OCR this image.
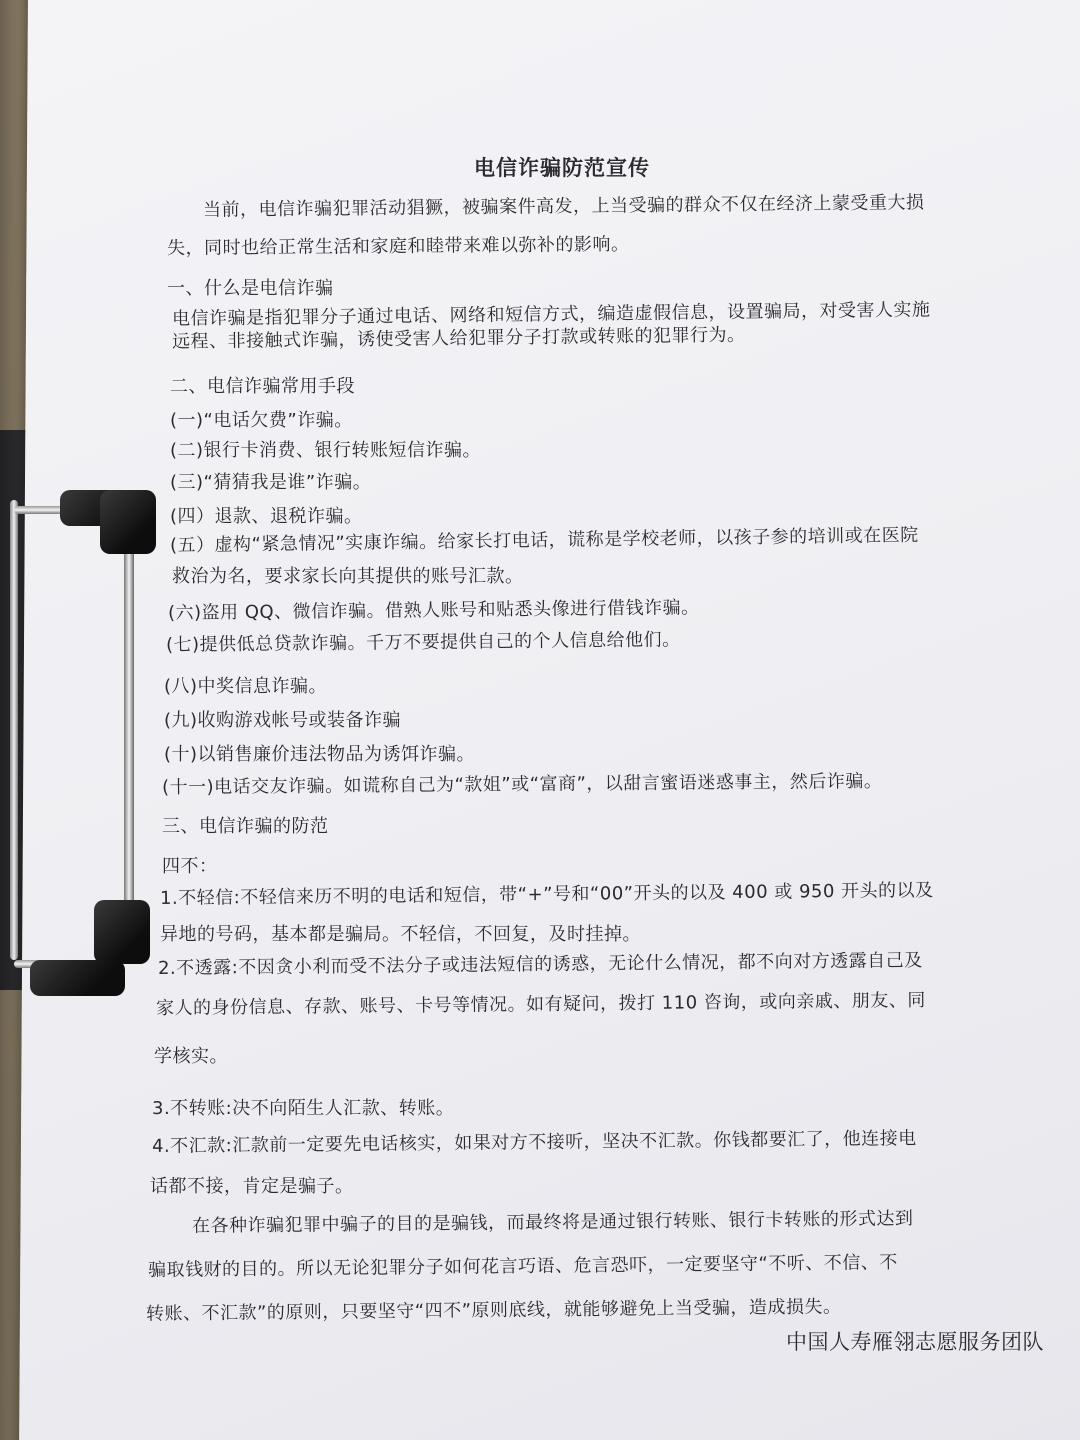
电信诈骗防范宣传
当前，电信诈骗犯罪活动猖獗，被骗案件高发，上当受骗的群众不仅在经济上蒙受重大损
失，同时也给正常生活和家庭和睦带来难以弥补的影响。
一、什么是电信诈骗
电信诈骗是指犯罪分子通过电话、网络和短信方式，编造虚假信息，设置骗局，对受害人实施
远程、非接触式诈骗，诱使受害人给犯罪分子打款或转账的犯罪行为。
二、电信诈骗常用手段
(一)“电话欠费”诈骗。
(二)银行卡消费、银行转账短信诈骗。
(三)“猜猜我是谁”诈骗。
(四）退款、退税诈骗。
(五）虚构“紧急情况”实康诈编。给家长打电话，谎称是学校老师，以孩子参的培训或在医院
救治为名，要求家长向其提供的账号汇款。
(六)盗用 QQ、微信诈骗。借熟人账号和贴悉头像进行借钱诈骗。
(七)提供低总贷款诈骗。千万不要提供自己的个人信息给他们。
(八)中奖信息诈骗。
(九)收购游戏帐号或装备诈骗
(十)以销售廉价违法物品为诱饵诈骗。
(十一)电话交友诈骗。如谎称自己为“款姐”或“富商”，以甜言蜜语迷惑事主，然后诈骗。
三、电信诈骗的防范
四不：
1.不轻信:不轻信来历不明的电话和短信，带“+”号和“00”开头的以及 400 或 950 开头的以及
异地的号码，基本都是骗局。不轻信，不回复，及时挂掉。
2.不透露:不因贪小利而受不法分子或违法短信的诱惑，无论什么情况，都不向对方透露自己及
家人的身份信息、存款、账号、卡号等情况。如有疑问，拨打 110 咨询，或向亲戚、朋友、同
学核实。
3.不转账:决不向陌生人汇款、转账。
4.不汇款:汇款前一定要先电话核实，如果对方不接听，坚决不汇款。你钱都要汇了，他连接电
话都不接，肯定是骗子。
在各种诈骗犯罪中骗子的目的是骗钱，而最终将是通过银行转账、银行卡转账的形式达到
骗取钱财的目的。所以无论犯罪分子如何花言巧语、危言恐吓，一定要坚守“不听、不信、不
转账、不汇款”的原则，只要坚守“四不”原则底线，就能够避免上当受骗，造成损失。
中国人寿雁翎志愿服务团队
